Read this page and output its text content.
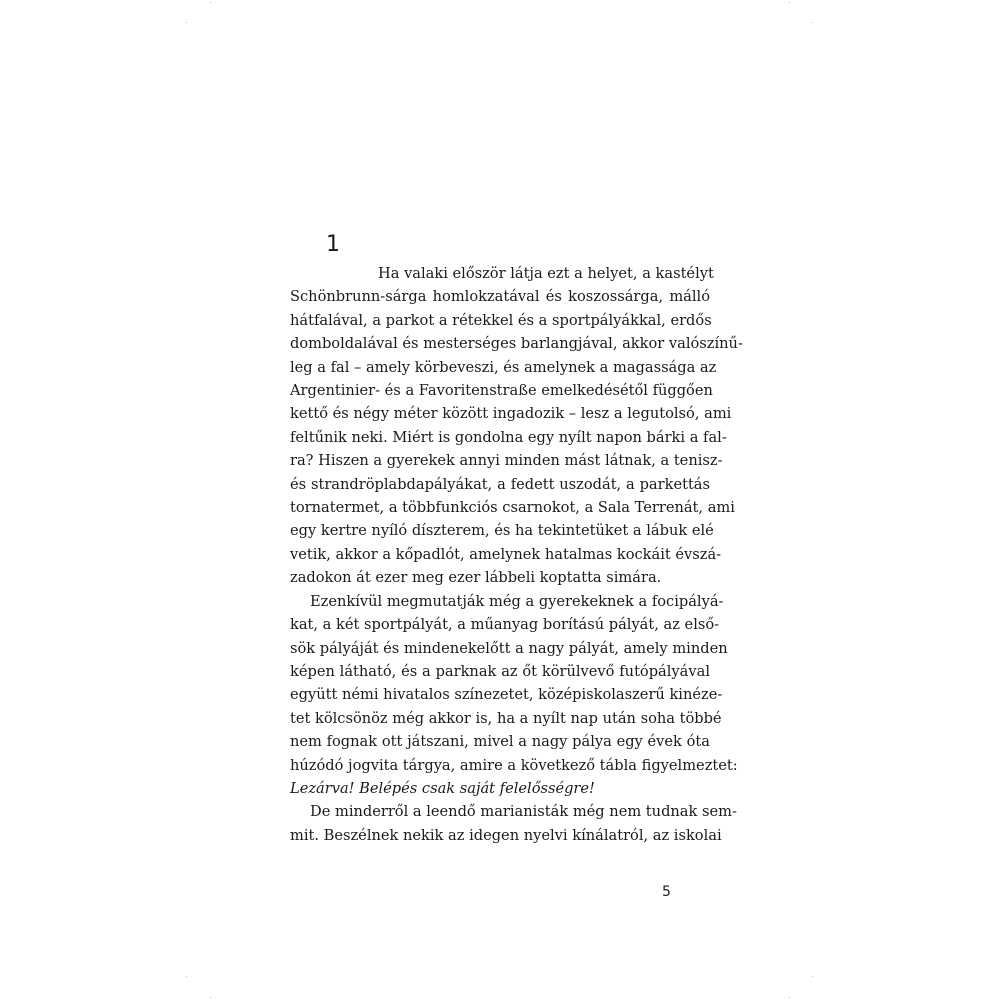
1
Ha valaki először látja ezt a helyet, a kastélyt
Schönbrunn-sárga homlokzatával és koszossárga, málló
hátfalával, a parkot a rétekkel és a sportpályákkal, erdős
domboldalával és mesterséges barlangjával, akkor valószínű-
leg a fal – amely körbeveszi, és amelynek a magassága az
Argentinier- és a Favoritenstraße emelkedésétől függően
kettő és négy méter között ingadozik – lesz a legutolsó, ami
feltűnik neki. Miért is gondolna egy nyílt napon bárki a fal-
ra? Hiszen a gyerekek annyi minden mást látnak, a tenisz-
és strandröplabdapályákat, a fedett uszodát, a parkettás
tornatermet, a többfunkciós csarnokot, a Sala Terrenát, ami
egy kertre nyíló díszterem, és ha tekintetüket a lábuk elé
vetik, akkor a kőpadlót, amelynek hatalmas kockáit évszá-
zadokon át ezer meg ezer lábbeli koptatta simára.
Ezenkívül megmutatják még a gyerekeknek a focipályá-
kat, a két sportpályát, a műanyag borítású pályát, az első-
sök pályáját és mindenekelőtt a nagy pályát, amely minden
képen látható, és a parknak az őt körülvevő futópályával
együtt némi hivatalos színezetet, középiskolaszerű kinéze-
tet kölcsönöz még akkor is, ha a nyílt nap után soha többé
nem fognak ott játszani, mivel a nagy pálya egy évek óta
húzódó jogvita tárgya, amire a következő tábla figyelmeztet:
Lezárva! Belépés csak saját felelősségre!
De minderről a leendő marianisták még nem tudnak sem-
mit. Beszélnek nekik az idegen nyelvi kínálatról, az iskolai
5
